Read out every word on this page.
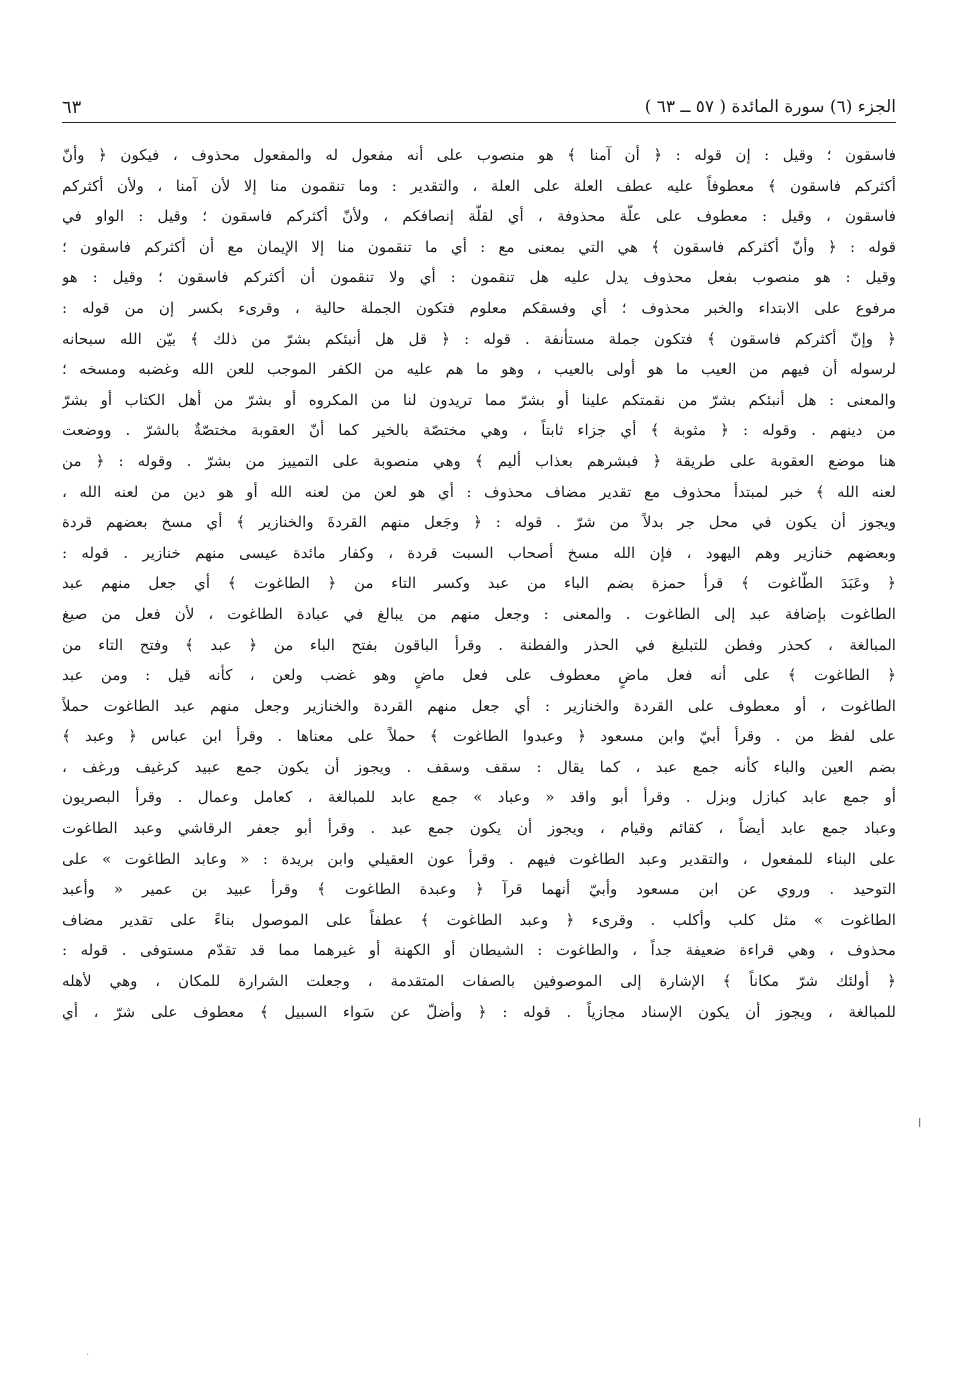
الجزء (٦) سورة المائدة ( ٥٧ ــ ٦٣ )
٦٣
فاسقون ؛ وقيل : إن قوله : ﴿ أن آمنا ﴾ هو منصوب على أنه مفعول له والمفعول محذوف ، فيكون ﴿ وأنّ
أكثركم فاسقون ﴾ معطوفاً عليه عطف العلة على العلة ، والتقدير : وما تنقمون منا إلا لأن آمنا ، ولأن أكثركم
فاسقون ، وقيل : معطوف على علّة محذوفة ، أي لقلّة إنصافكم ، ولأنّ أكثركم فاسقون ؛ وقيل : الواو في
قوله : ﴿ وأنّ أكثركم فاسقون ﴾ هي التي بمعنى مع : أي ما تنقمون منا إلا الإيمان مع أن أكثركم فاسقون ؛
وقيل : هو منصوب بفعل محذوف يدل عليه هل تنقمون : أي ولا تنقمون أن أكثركم فاسقون ؛ وقيل : هو
مرفوع على الابتداء والخبر محذوف ؛ أي وفسقكم معلوم فتكون الجملة حالية ، وقرىء بكسر إن من قوله :
﴿ وإنّ أكثركم فاسقون ﴾ فتكون جملة مستأنفة . قوله : ﴿ قل هل أنبئكم بشرّ من ذلك ﴾ بيّن الله سبحانه
لرسوله أن فيهم من العيب ما هو أولى بالعيب ، وهو ما هم عليه من الكفر الموجب للعن الله وغضبه ومسخه ؛
والمعنى : هل أنبئكم بشرّ من نقمتكم علينا أو بشرّ مما تريدون لنا من المكروه أو بشرّ من أهل الكتاب أو بشرّ
من دينهم . وقوله : ﴿ مثوبة ﴾ أي جزاء ثابتاً ، وهي مختصّة بالخير كما أنّ العقوبة مختصّةٌ بالشرّ . ووضعت
هنا موضع العقوبة على طريقة ﴿ فبشرهم بعذاب أليم ﴾ وهي منصوبة على التمييز من بشرّ . وقوله : ﴿ من
لعنه الله ﴾ خبر لمبتدأ محذوف مع تقدير مضاف محذوف : أي هو لعن من لعنه الله أو هو دين من لعنه الله ،
ويجوز أن يكون في محل جر بدلاً من شرّ . قوله : ﴿ وجَعل منهم القردةَ والخنازير ﴾ أي مسخ بعضهم قردة
وبعضهم خنازير وهم اليهود ، فإن الله مسخ أصحاب السبت قردة ، وكفار مائدة عيسى منهم خنازير . قوله :
﴿ وعَبَدَ الطّاغوت ﴾ قرأ حمزة بضم الباء من عبد وكسر التاء من ﴿ الطاغوت ﴾ أي جعل منهم عبد
الطاغوت بإضافة عبد إلى الطاغوت . والمعنى : وجعل منهم من يبالغ في عبادة الطاغوت ، لأن فعل من صيغ
المبالغة ، كحذر وفطن للتبليغ في الحذر والفطنة . وقرأ الباقون بفتح الباء من ﴿ عبد ﴾ وفتح التاء من
﴿ الطاغوت ﴾ على أنه فعل ماضٍ معطوف على فعل ماضٍ وهو غضب ولعن ، كأنه قيل : ومن عبد
الطاغوت ، أو معطوف على القردة والخنازير : أي جعل منهم القردة والخنازير وجعل منهم عبد الطاغوت حملاً
على لفظ من . وقرأ أبيّ وابن مسعود ﴿ وعبدوا الطاغوت ﴾ حملاً على معناها . وقرأ ابن عباس ﴿ وعبد ﴾
بضم العين والباء كأنه جمع عبد ، كما يقال : سقف وسقف . ويجوز أن يكون جمع عبيد كرغيف ورغف ،
أو جمع عابد كبازل وبزل . وقرأ أبو واقد « وعباد » جمع عابد للمبالغة ، كعامل وعمال . وقرأ البصريون
وعباد جمع عابد أيضاً ، كقائم وقيام ، ويجوز أن يكون جمع عبد . وقرأ أبو جعفر الرقاشي وعبد الطاغوت
على البناء للمفعول ، والتقدير وعبد الطاغوت فيهم . وقرأ عون العقيلي وابن بريدة : « وعابد الطاغوت » على
التوحيد . وروي عن ابن مسعود وأبيّ أنهما قرآ ﴿ وعبدة الطاغوت ﴾ وقرأ عبيد بن عمير « وأعبد
الطاغوت » مثل كلب وأكلب . وقرىء ﴿ وعبد الطاغوت ﴾ عطفاً على الموصول بناءً على تقدير مضاف
محذوف ، وهي قراءة ضعيفة جداً ، والطاغوت : الشيطان أو الكهنة أو غيرهما مما قد تقدّم مستوفى . قوله :
﴿ أولئك شرّ مكاناً ﴾ الإشارة إلى الموصوفين بالصفات المتقدمة ، وجعلت الشرارة للمكان ، وهي لأهله
للمبالغة ، ويجوز أن يكون الإسناد مجازياً . قوله : ﴿ وأضلّ عن سَواء السبيل ﴾ معطوف على شرّ ، أي
ا
·
